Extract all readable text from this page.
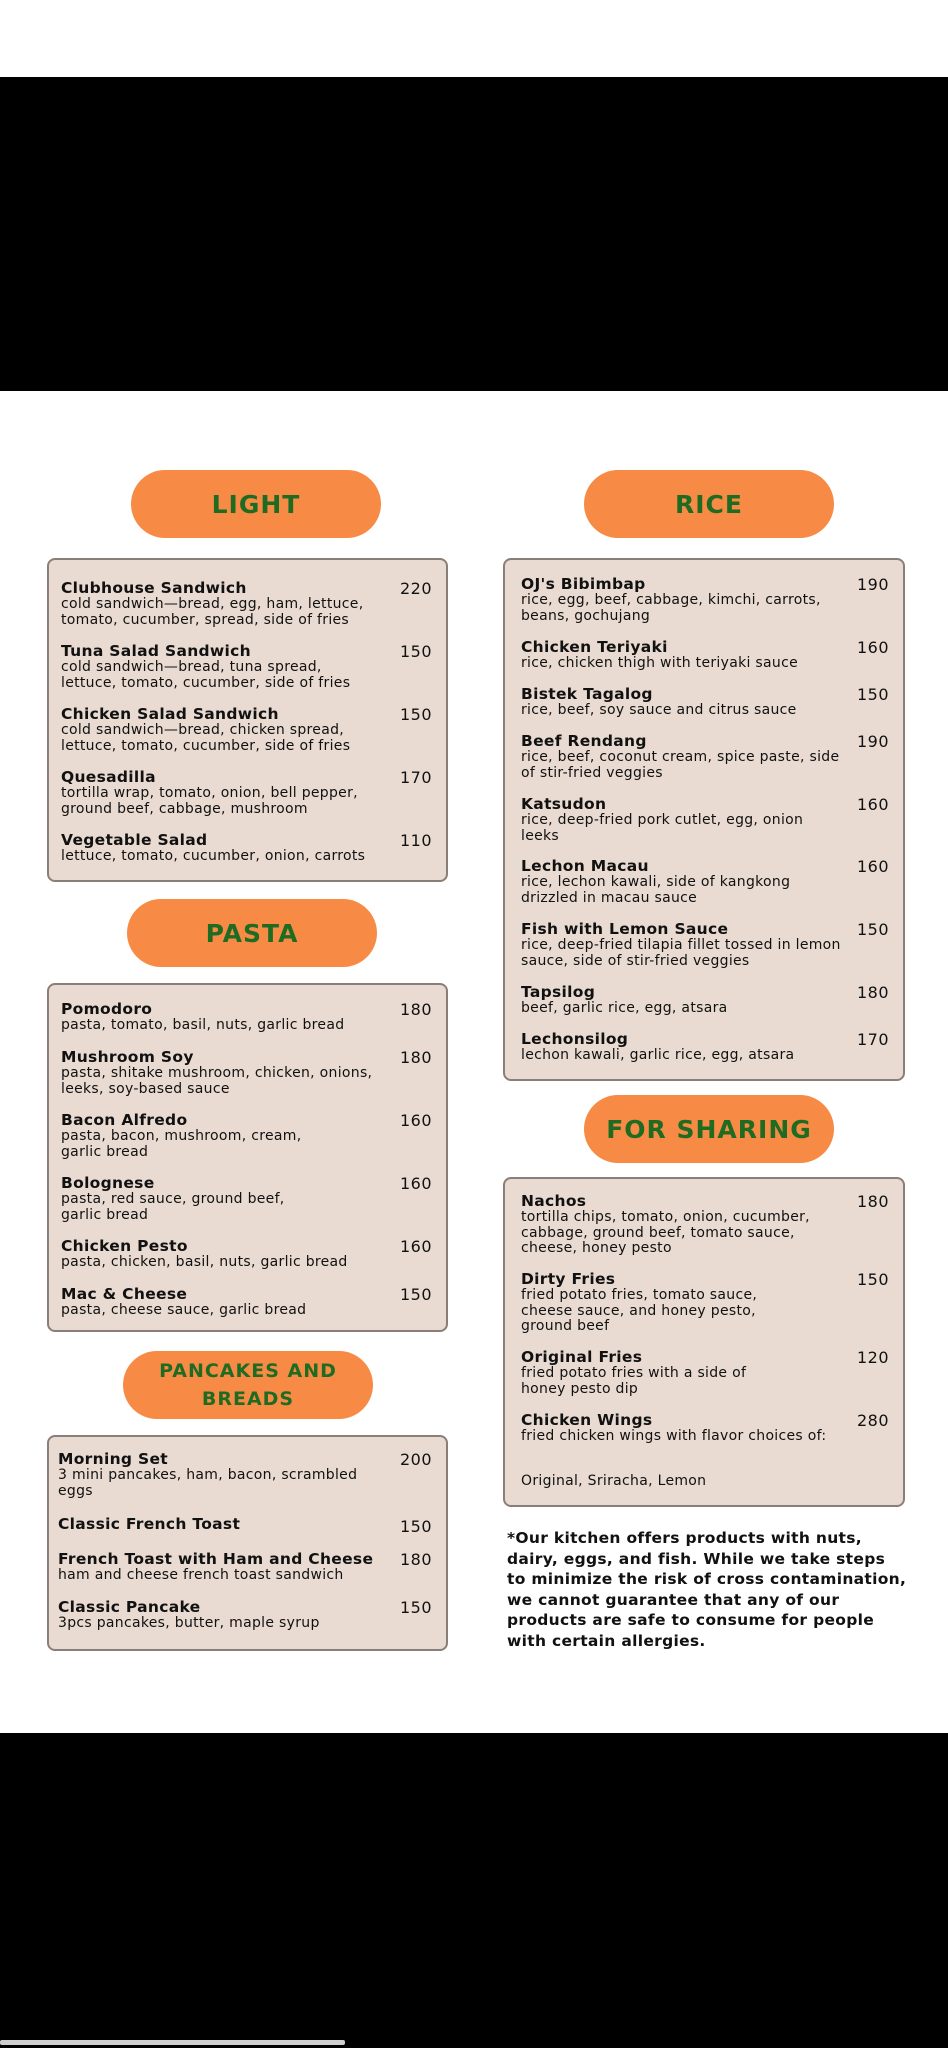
LIGHT
Clubhouse Sandwich
cold sandwich—bread, egg, ham, lettuce, tomato, cucumber, spread, side of fries
220
Tuna Salad Sandwich
cold sandwich—bread, tuna spread, lettuce, tomato, cucumber, side of fries
150
Chicken Salad Sandwich
cold sandwich—bread, chicken spread, lettuce, tomato, cucumber, side of fries
150
Quesadilla
tortilla wrap, tomato, onion, bell pepper, ground beef, cabbage, mushroom
170
Vegetable Salad
lettuce, tomato, cucumber, onion, carrots
110
PASTA
Pomodoro
pasta, tomato, basil, nuts, garlic bread
180
Mushroom Soy
pasta, shitake mushroom, chicken, onions, leeks, soy-based sauce
180
Bacon Alfredo
pasta, bacon, mushroom, cream, garlic bread
160
Bolognese
pasta, red sauce, ground beef, garlic bread
160
Chicken Pesto
pasta, chicken, basil, nuts, garlic bread
160
Mac & Cheese
pasta, cheese sauce, garlic bread
150
PANCAKES AND
BREADS
Morning Set
3 mini pancakes, ham, bacon, scrambled eggs
200
Classic French Toast	150
French Toast with Ham and Cheese
ham and cheese french toast sandwich
180
Classic Pancake
3pcs pancakes, butter, maple syrup
150
RICE
OJ's Bibimbap
rice, egg, beef, cabbage, kimchi, carrots, beans, gochujang
190
Chicken Teriyaki
rice, chicken thigh with teriyaki sauce
160
Bistek Tagalog
rice, beef, soy sauce and citrus sauce
150
Beef Rendang
rice, beef, coconut cream, spice paste, side of stir-fried veggies
190
Katsudon
rice, deep-fried pork cutlet, egg, onion leeks
160
Lechon Macau
rice, lechon kawali, side of kangkong drizzled in macau sauce
160
Fish with Lemon Sauce
rice, deep-fried tilapia fillet tossed in lemon sauce, side of stir-fried veggies
150
Tapsilog
beef, garlic rice, egg, atsara
180
Lechonsilog
lechon kawali, garlic rice, egg, atsara
170
FOR SHARING
Nachos
tortilla chips, tomato, onion, cucumber, cabbage, ground beef, tomato sauce, cheese, honey pesto
180
Dirty Fries
fried potato fries, tomato sauce, cheese sauce, and honey pesto, ground beef
150
Original Fries
fried potato fries with a side of honey pesto dip
120
Chicken Wings
fried chicken wings with flavor choices of:
280
Original, Sriracha, Lemon
*Our kitchen offers products with nuts, dairy, eggs, and fish. While we take steps to minimize the risk of cross contamination, we cannot guarantee that any of our products are safe to consume for people with certain allergies.
